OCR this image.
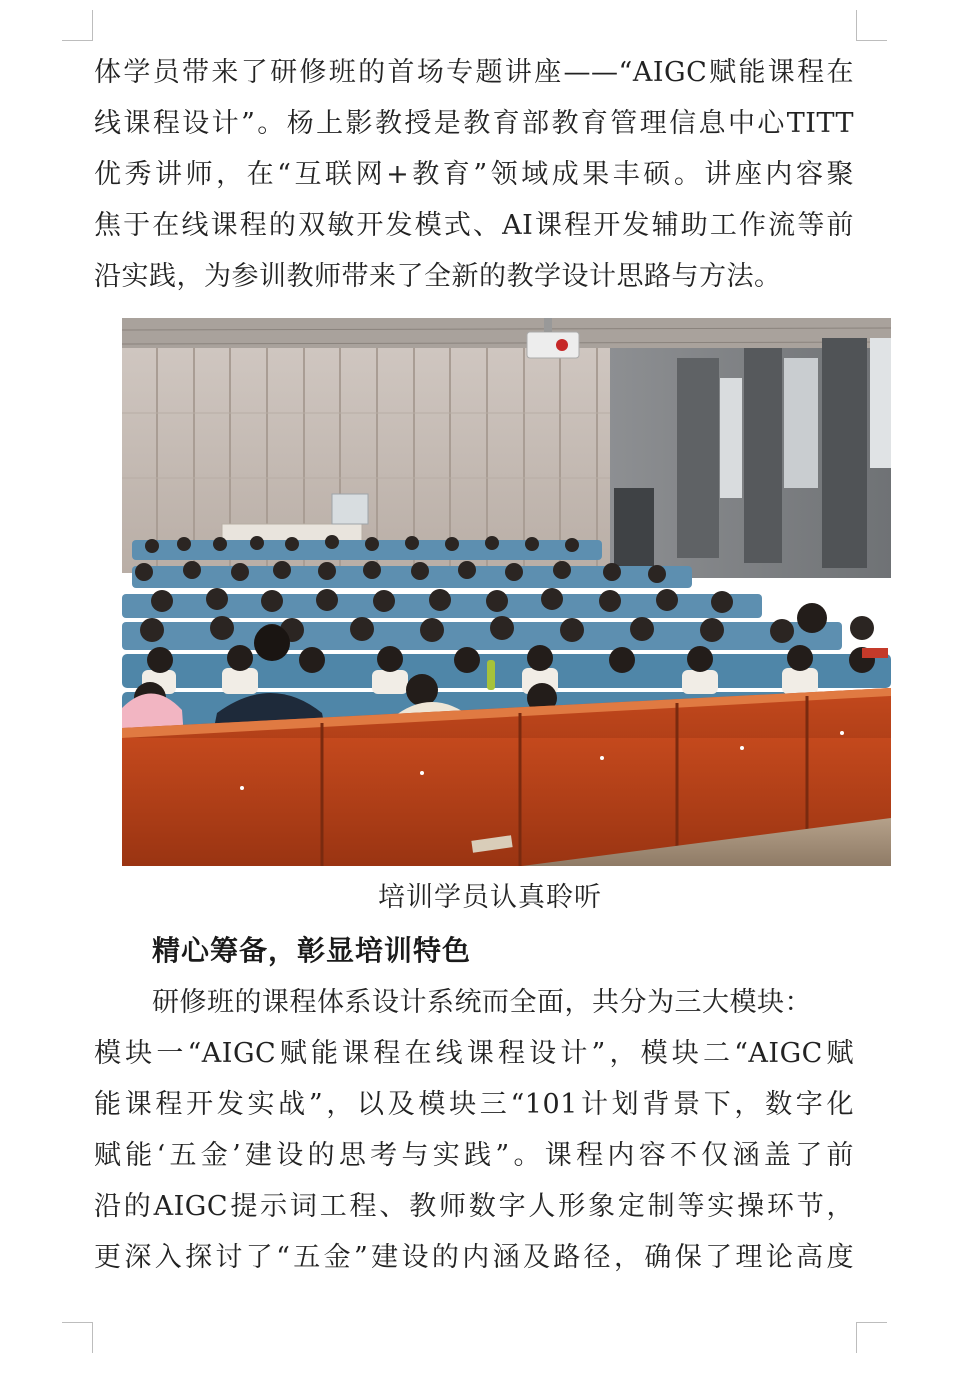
体学员带来了研修班的首场专题讲座——“AIGC赋能课程在
线课程设计”。杨上影教授是教育部教育管理信息中心TITT
优秀讲师，在“互联网+教育”领域成果丰硕。讲座内容聚
焦于在线课程的双敏开发模式、AI课程开发辅助工作流等前
沿实践，为参训教师带来了全新的教学设计思路与方法。
培训学员认真聆听
精心筹备，彰显培训特色
研修班的课程体系设计系统而全面，共分为三大模块：
模块一“AIGC赋能课程在线课程设计”，模块二“AIGC赋
能课程开发实战”，以及模块三“101计划背景下，数字化
赋能‘五金’建设的思考与实践”。课程内容不仅涵盖了前
沿的AIGC提示词工程、教师数字人形象定制等实操环节，
更深入探讨了“五金”建设的内涵及路径，确保了理论高度
